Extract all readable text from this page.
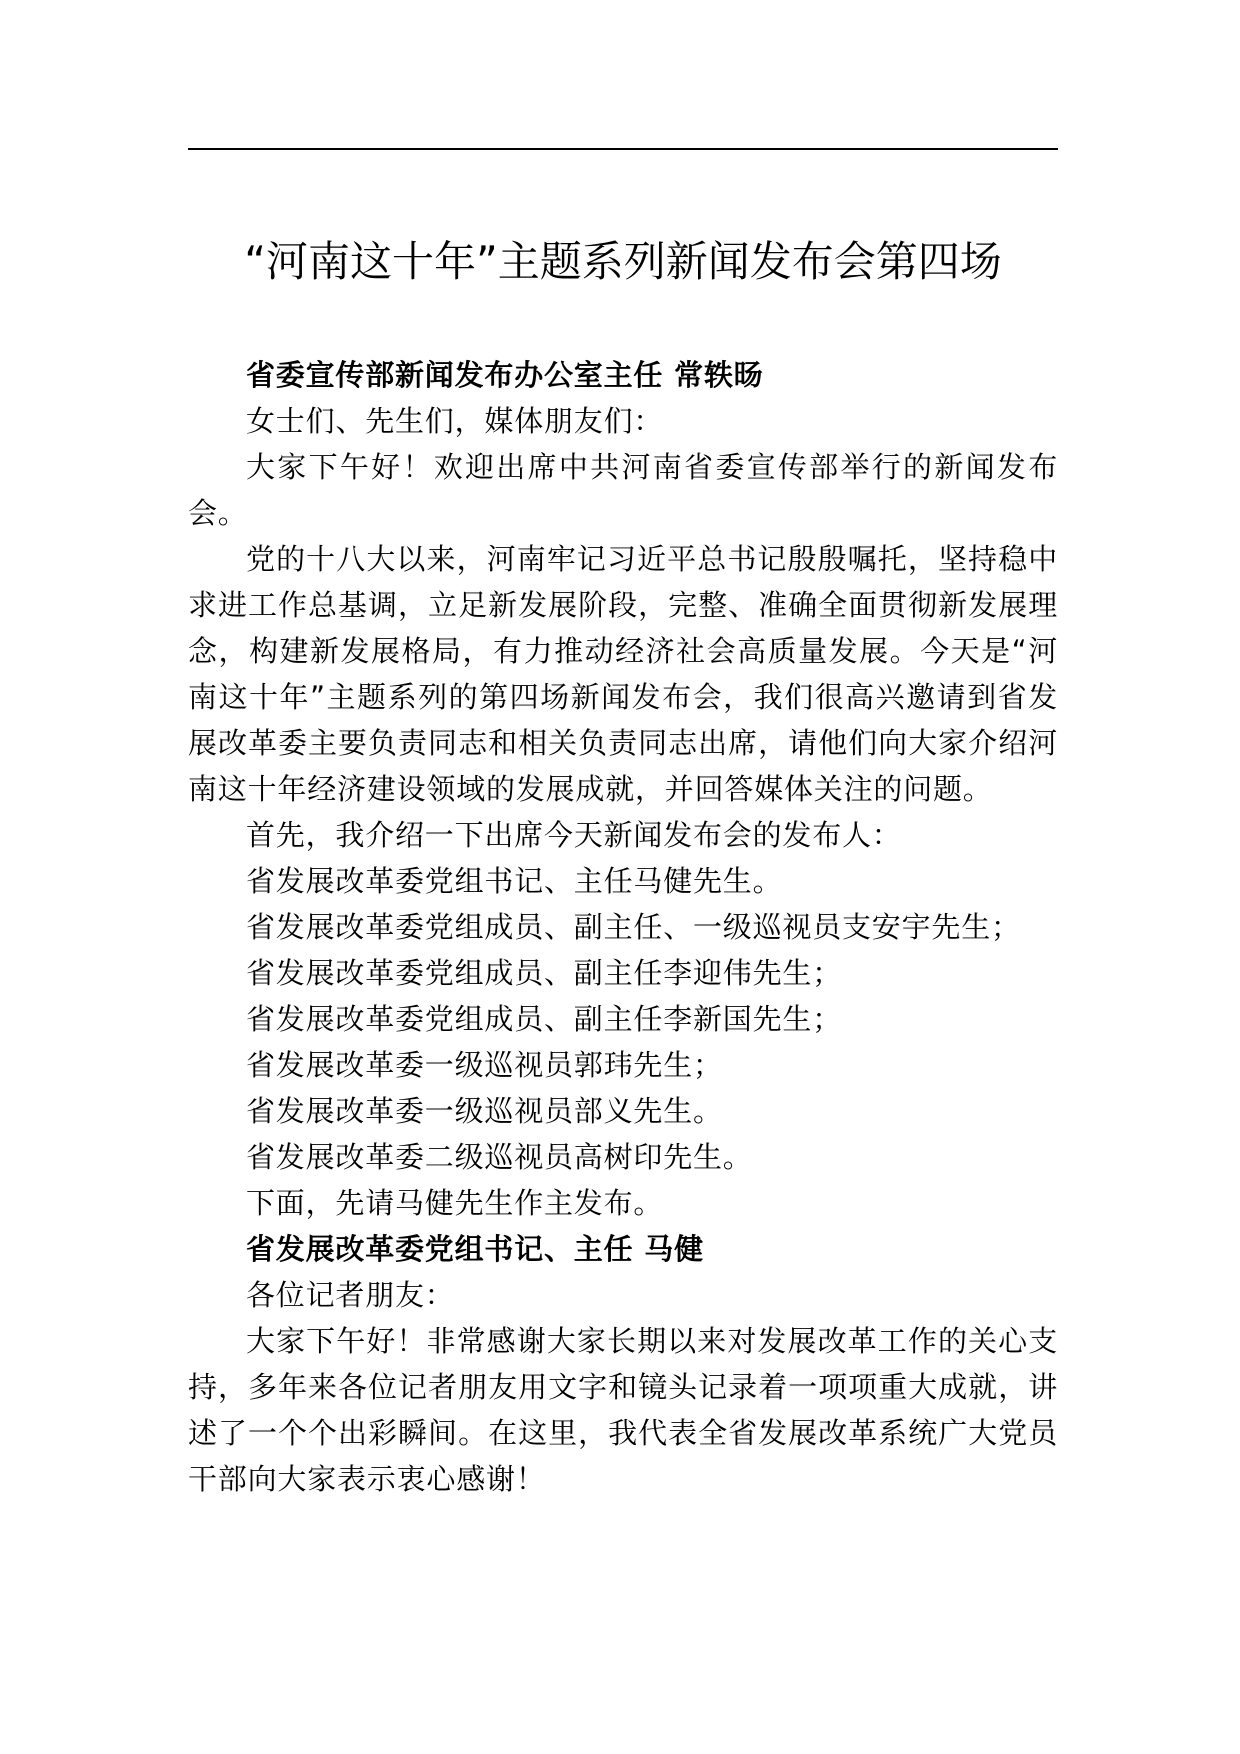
“河南这十年”主题系列新闻发布会第四场

省委宣传部新闻发布办公室主任 常轶旸

女士们、先生们，媒体朋友们：

大家下午好！欢迎出席中共河南省委宣传部举行的新闻发布会。

党的十八大以来，河南牢记习近平总书记殷殷嘱托，坚持稳中求进工作总基调，立足新发展阶段，完整、准确全面贯彻新发展理念，构建新发展格局，有力推动经济社会高质量发展。今天是“河南这十年”主题系列的第四场新闻发布会，我们很高兴邀请到省发展改革委主要负责同志和相关负责同志出席，请他们向大家介绍河南这十年经济建设领域的发展成就，并回答媒体关注的问题。

首先，我介绍一下出席今天新闻发布会的发布人：

省发展改革委党组书记、主任马健先生。

省发展改革委党组成员、副主任、一级巡视员支安宇先生；

省发展改革委党组成员、副主任李迎伟先生；

省发展改革委党组成员、副主任李新国先生；

省发展改革委一级巡视员郭玮先生；

省发展改革委一级巡视员部义先生。

省发展改革委二级巡视员高树印先生。

下面，先请马健先生作主发布。

省发展改革委党组书记、主任 马健

各位记者朋友：

大家下午好！非常感谢大家长期以来对发展改革工作的关心支持，多年来各位记者朋友用文字和镜头记录着一项项重大成就，讲述了一个个出彩瞬间。在这里，我代表全省发展改革系统广大党员干部向大家表示衷心感谢！
